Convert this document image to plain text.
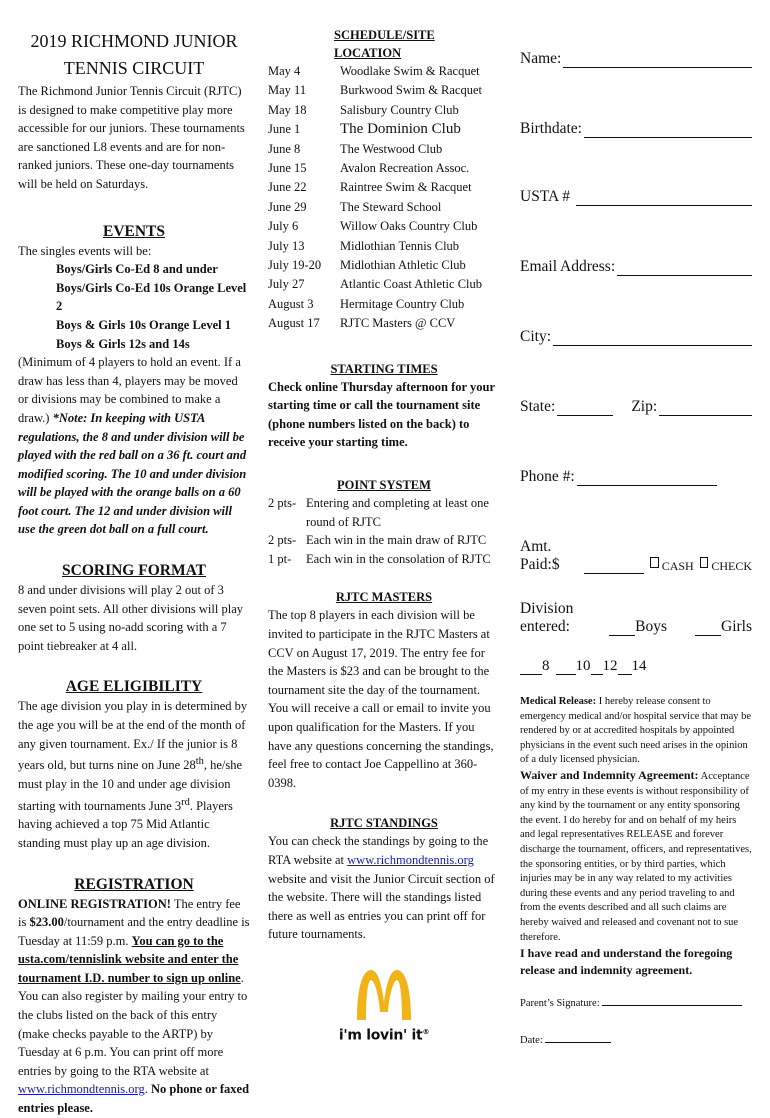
2019 RICHMOND JUNIOR
TENNIS CIRCUIT

The Richmond Junior Tennis Circuit (RJTC) is designed to make competitive play more accessible for our juniors. These tournaments are sanctioned L8 events and are for non-ranked juniors. These one-day tournaments will be held on Saturdays.

EVENTS

The singles events will be:

Boys/Girls Co-Ed 8 and under

Boys/Girls Co-Ed 10s Orange Level 2

Boys & Girls 10s Orange Level 1

Boys & Girls 12s and 14s

(Minimum of 4 players to hold an event. If a draw has less than 4, players may be moved or divisions may be combined to make a draw.) *Note: In keeping with USTA regulations, the 8 and under division will be played with the red ball on a 36 ft. court and modified scoring. The 10 and under division will be played with the orange balls on a 60 foot court. The 12 and under division will use the green dot ball on a full court.

SCORING FORMAT

8 and under divisions will play 2 out of 3 seven point sets. All other divisions will play one set to 5 using no-add scoring with a 7 point tiebreaker at 4 all.

AGE ELIGIBILITY

The age division you play in is determined by the age you will be at the end of the month of any given tournament. Ex./ If the junior is 8 years old, but turns nine on June 28th, he/she must play in the 10 and under age division starting with tournaments June 3rd. Players having achieved a top 75 Mid Atlantic standing must play up an age division.

REGISTRATION

ONLINE REGISTRATION! The entry fee is $23.00/tournament and the entry deadline is Tuesday at 11:59 p.m. You can go to the usta.com/tennislink website and enter the tournament I.D. number to sign up online. You can also register by mailing your entry to the clubs listed on the back of this entry (make checks payable to the ARTP) by Tuesday at 6 p.m. You can print off more entries by going to the RTA website at www.richmondtennis.org. No phone or faxed entries please.

SCHEDULE/SITE LOCATION
May 4	Woodlake Swim & Racquet
May 11	Burkwood Swim & Racquet
May 18	Salisbury Country Club
June 1	The Dominion Club
June 8	The Westwood Club
June 15	Avalon Recreation Assoc.
June 22	Raintree Swim & Racquet
June 29	The Steward School
July 6	Willow Oaks Country Club
July 13	Midlothian Tennis Club
July 19-20	Midlothian Athletic Club
July 27	Atlantic Coast Athletic Club
August 3	Hermitage Country Club
August 17	RJTC Masters @ CCV
STARTING TIMES

Check online Thursday afternoon for your starting time or call the tournament site (phone numbers listed on the back) to receive your starting time.

POINT SYSTEM
2 pts- Entering and completing at least one round of RJTC
2 pts- Each win in the main draw of RJTC
1 pt-	Each win in the consolation of RJTC
RJTC MASTERS

The top 8 players in each division will be invited to participate in the RJTC Masters at CCV on August 17, 2019. The entry fee for the Masters is $23 and can be brought to the tournament site the day of the tournament. You will receive a call or email to invite you upon qualification for the Masters. If you have any questions concerning the standings, feel free to contact Joe Cappellino at 360-0398.

RJTC STANDINGS

You can check the standings by going to the RTA website at www.richmondtennis.org website and visit the Junior Circuit section of the website. There will the standings listed there as well as entries you can print off for future tournaments.

i'm lovin' it®
Name:
Birthdate:
USTA #
Email Address:
City:
State:	Zip:
Phone #:
Amt. Paid:$	CASH CHECK
Division entered:	Boys	Girls
8 10 12 14

Medical Release: I hereby release consent to emergency medical and/or hospital service that may be rendered by or at accredited hospitals by appointed physicians in the event such need arises in the opinion of a duly licensed physician.

Waiver and Indemnity Agreement: Acceptance of my entry in these events is without responsibility of any kind by the tournament or any entity sponsoring the event. I do hereby for and on behalf of my heirs and legal representatives RELEASE and forever discharge the tournament, officers, and representatives, the sponsoring entities, or by third parties, which injuries may be in any way related to my activities during these events and any period traveling to and from the events described and all such claims are hereby waived and released and covenant not to sue therefore.

I have read and understand the foregoing release and indemnity agreement.

Parent’s Signature:
Date:
